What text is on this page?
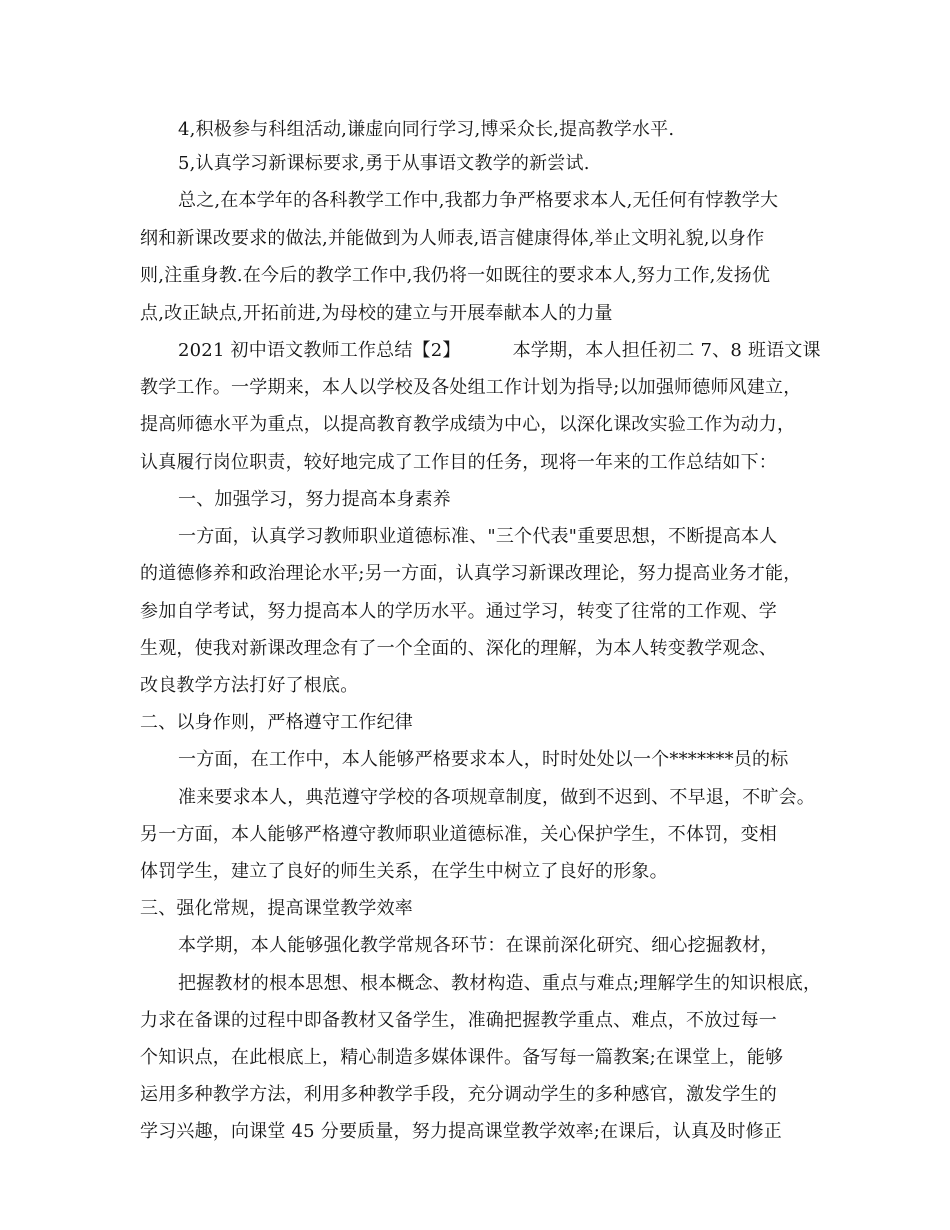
4,积极参与科组活动,谦虚向同行学习,博采众长,提高教学水平.
5,认真学习新课标要求,勇于从事语文教学的新尝试.
总之,在本学年的各科教学工作中,我都力争严格要求本人,无任何有悖教学大
纲和新课改要求的做法,并能做到为人师表,语言健康得体,举止文明礼貌,以身作
则,注重身教.在今后的教学工作中,我仍将一如既往的要求本人,努力工作,发扬优
点,改正缺点,开拓前进,为母校的建立与开展奉献本人的力量
2021 初中语文教师工作总结【2】	本学期，本人担任初二 7、8 班语文课
教学工作。一学期来，本人以学校及各处组工作计划为指导;以加强师德师风建立，
提高师德水平为重点，以提高教育教学成绩为中心，以深化课改实验工作为动力，
认真履行岗位职责，较好地完成了工作目的任务，现将一年来的工作总结如下：
一、加强学习，努力提高本身素养
一方面，认真学习教师职业道德标准、"三个代表"重要思想，不断提高本人
的道德修养和政治理论水平;另一方面，认真学习新课改理论，努力提高业务才能，
参加自学考试，努力提高本人的学历水平。通过学习，转变了往常的工作观、学
生观，使我对新课改理念有了一个全面的、深化的理解，为本人转变教学观念、
改良教学方法打好了根底。
二、以身作则，严格遵守工作纪律
一方面，在工作中，本人能够严格要求本人，时时处处以一个*******员的标
准来要求本人，典范遵守学校的各项规章制度，做到不迟到、不早退，不旷会。
另一方面，本人能够严格遵守教师职业道德标准，关心保护学生，不体罚，变相
体罚学生，建立了良好的师生关系，在学生中树立了良好的形象。
三、强化常规，提高课堂教学效率
本学期，本人能够强化教学常规各环节：在课前深化研究、细心挖掘教材，
把握教材的根本思想、根本概念、教材构造、重点与难点;理解学生的知识根底，
力求在备课的过程中即备教材又备学生，准确把握教学重点、难点，不放过每一
个知识点，在此根底上，精心制造多媒体课件。备写每一篇教案;在课堂上，能够
运用多种教学方法，利用多种教学手段，充分调动学生的多种感官，激发学生的
学习兴趣，向课堂 45 分要质量，努力提高课堂教学效率;在课后，认真及时修正
